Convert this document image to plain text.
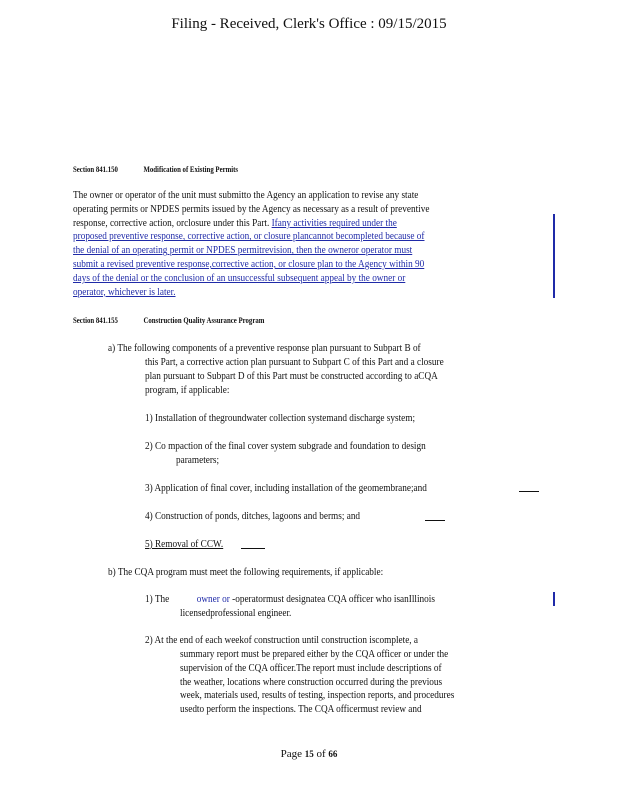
Filing - Received, Clerk's Office : 09/15/2015
Section 841.150	Modification of Existing Permits
The owner or operator of the unit must submitto the Agency an application to revise any state
operating permits or NPDES permits issued by the Agency as necessary as a result of preventive
response, corrective action, orclosure under this Part. Ifany activities required under the
proposed preventive response, corrective action, or closure plancannot becompleted because of
the denial of an operating permit or NPDES permitrevision, then the owneror operator must
submit a revised preventive response,corrective action, or closure plan to the Agency within 90
days of the denial or the conclusion of an unsuccessful subsequent appeal by the owner or
operator, whichever is later.
Section 841.155	Construction Quality Assurance Program
a) The following components of a preventive response plan pursuant to Subpart B of
this Part, a corrective action plan pursuant to Subpart C of this Part and a closure
plan pursuant to Subpart D of this Part must be constructed according to aCQA
program, if applicable:
1) Installation of thegroundwater collection systemand discharge system;
2) Co mpaction of the final cover system subgrade and foundation to design
parameters;
3) Application of final cover, including installation of the geomembrane;and
4) Construction of ponds, ditches, lagoons and berms; and
5) Removal of CCW.
b) The CQA program must meet the following requirements, if applicable:
1) The	owner or -operatormust designatea CQA officer who isanIllinois
licensedprofessional engineer.
2) At the end of each weekof construction until construction iscomplete, a
summary report must be prepared either by the CQA officer or under the
supervision of the CQA officer.The report must include descriptions of
the weather, locations where construction occurred during the previous
week, materials used, results of testing, inspection reports, and procedures
usedto perform the inspections. The CQA officermust review and
Page 15 of 66
